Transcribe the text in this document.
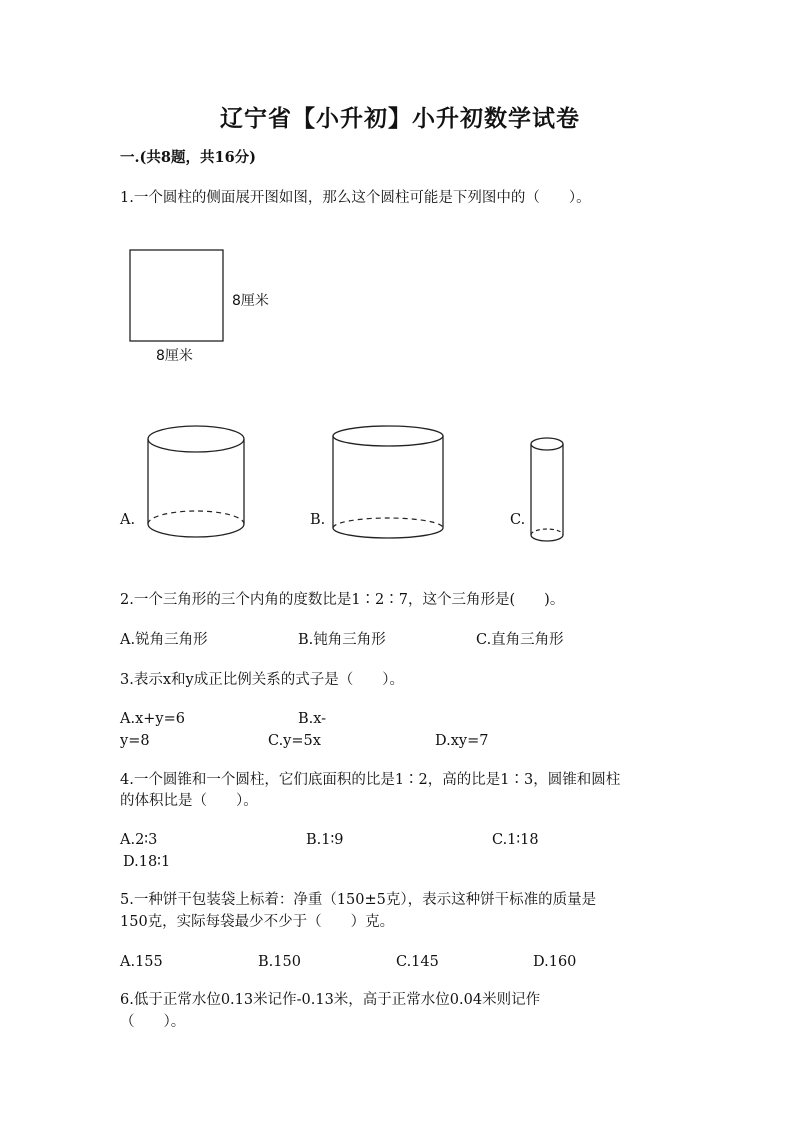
辽宁省【小升初】小升初数学试卷
一.(共8题，共16分)
1.一个圆柱的侧面展开图如图，那么这个圆柱可能是下列图中的（　　）。
8厘米
8厘米
A.	B.	C.
2.一个三角形的三个内角的度数比是1∶2∶7，这个三角形是(　　)。
A.锐角三角形	B.钝角三角形	C.直角三角形
3.表示x和y成正比例关系的式子是（　　）。
A.x+y=6	B.x-
y=8	C.y=5x	D.xy=7
4.一个圆锥和一个圆柱，它们底面积的比是1∶2，高的比是1∶3，圆锥和圆柱
的体积比是（　　）。
A.2∶3	B.1∶9	C.1∶18
D.18∶1
5.一种饼干包装袋上标着：净重（150±5克），表示这种饼干标准的质量是
150克，实际每袋最少不少于（　　）克。
A.155	B.150	C.145	D.160
6.低于正常水位0.13米记作-0.13米，高于正常水位0.04米则记作
（　　）。
